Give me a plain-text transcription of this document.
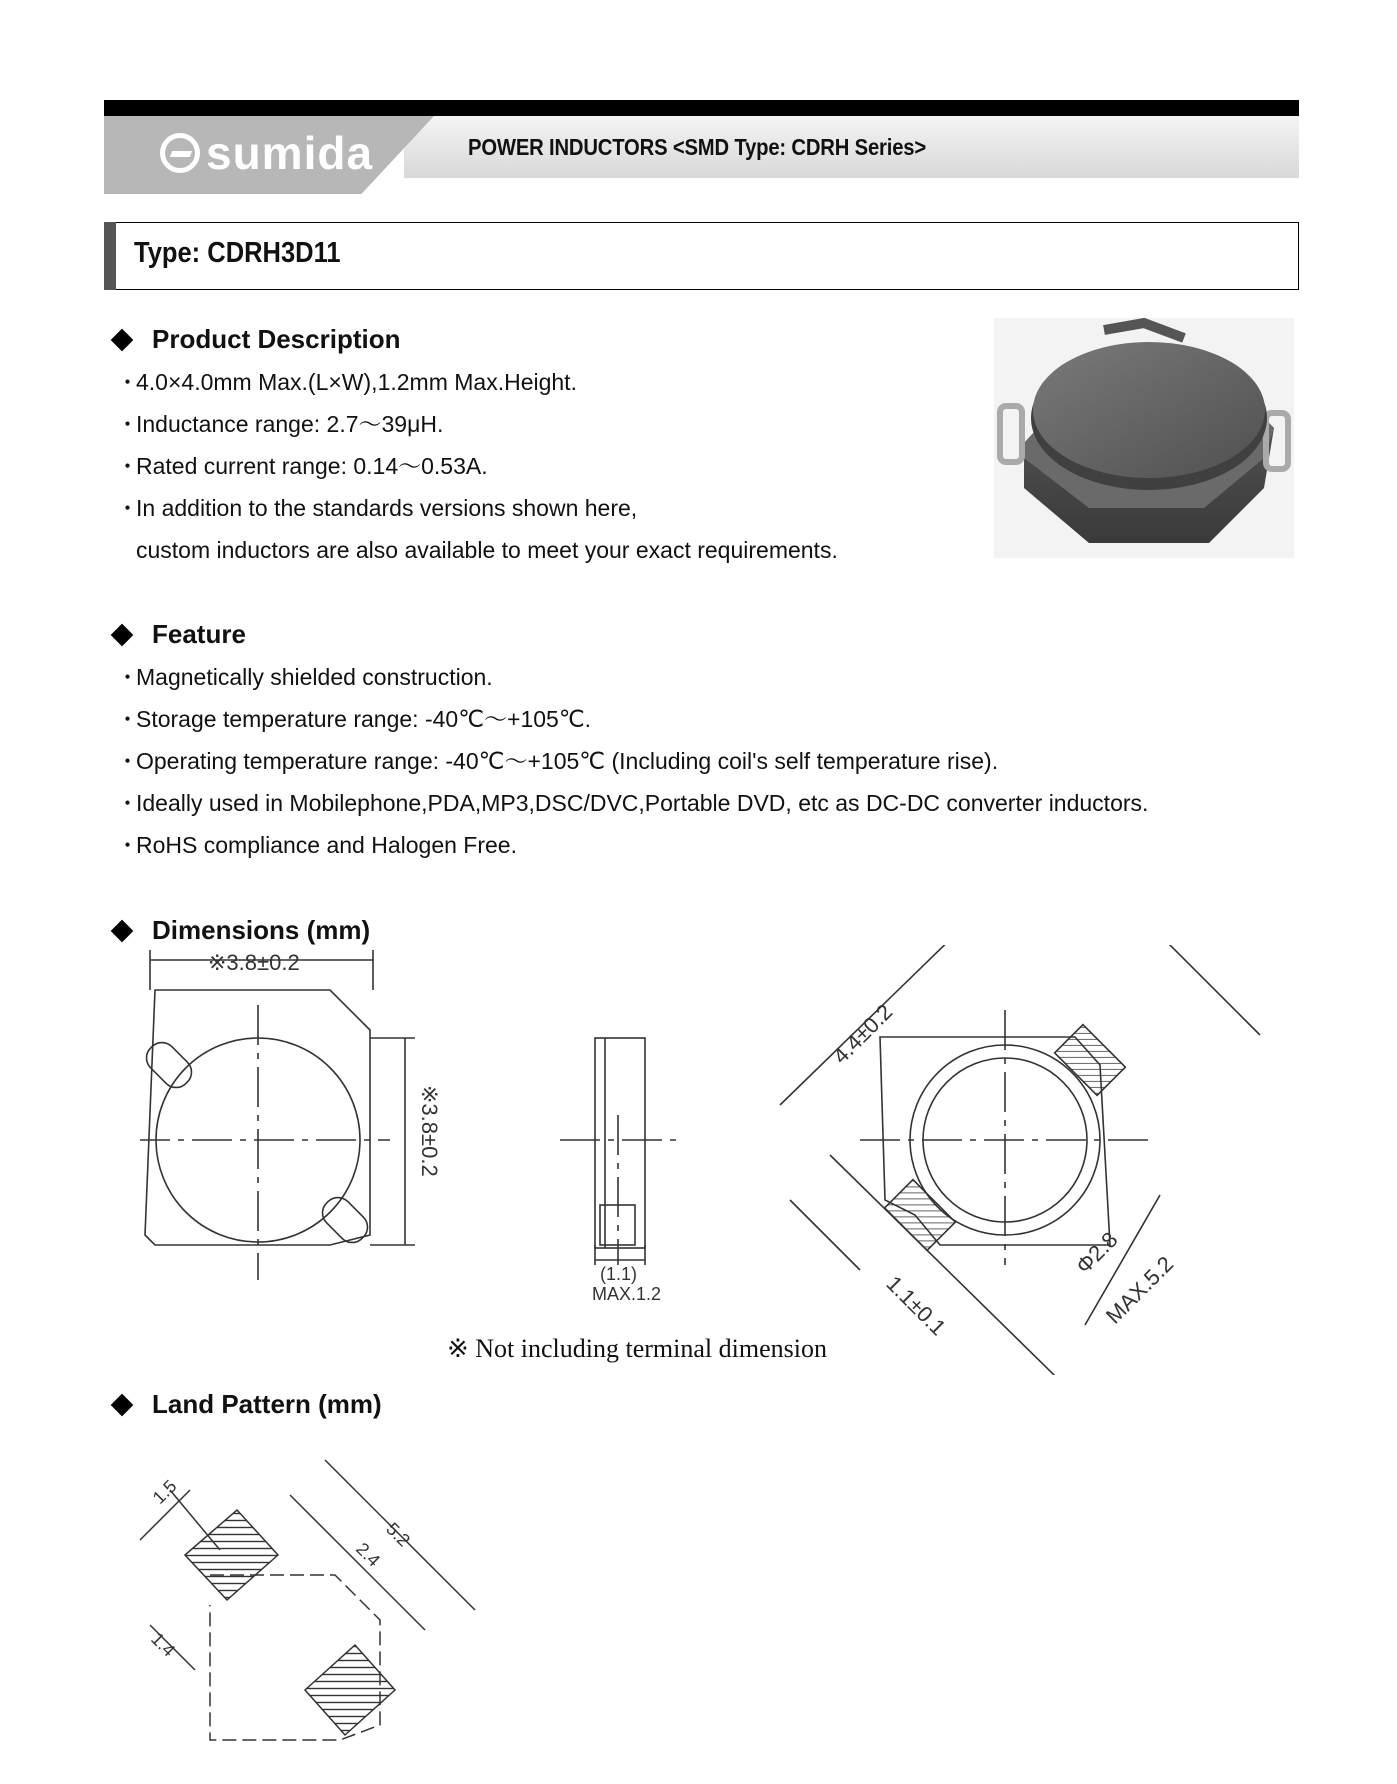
sumida	POWER INDUCTORS <SMD Type: CDRH Series>
Type: CDRH3D11
Product Description
・
4.0×4.0mm Max.(L×W),1.2mm Max.Height.
・
Inductance range: 2.7～39μH.
・
Rated current range: 0.14～0.53A.
・
In addition to the standards versions shown here,
custom inductors are also available to meet your exact requirements.
Feature
・
Magnetically shielded construction.
・
Storage temperature range: -40℃～+105℃.
・
Operating temperature range: -40℃～+105℃ (Including coil's self temperature rise).
・
Ideally used in Mobilephone,PDA,MP3,DSC/DVC,Portable DVD, etc as DC-DC converter inductors.
・
RoHS compliance and Halogen Free.
Dimensions (mm)
※3.8±0.2
※3.8±0.2
(1.1)
MAX.1.2
4.4±0.2
Φ2.8
MAX.5.2
1.1±0.1
※ Not including terminal dimension
Land Pattern (mm)
1.5
5.2
2.4
1.4
